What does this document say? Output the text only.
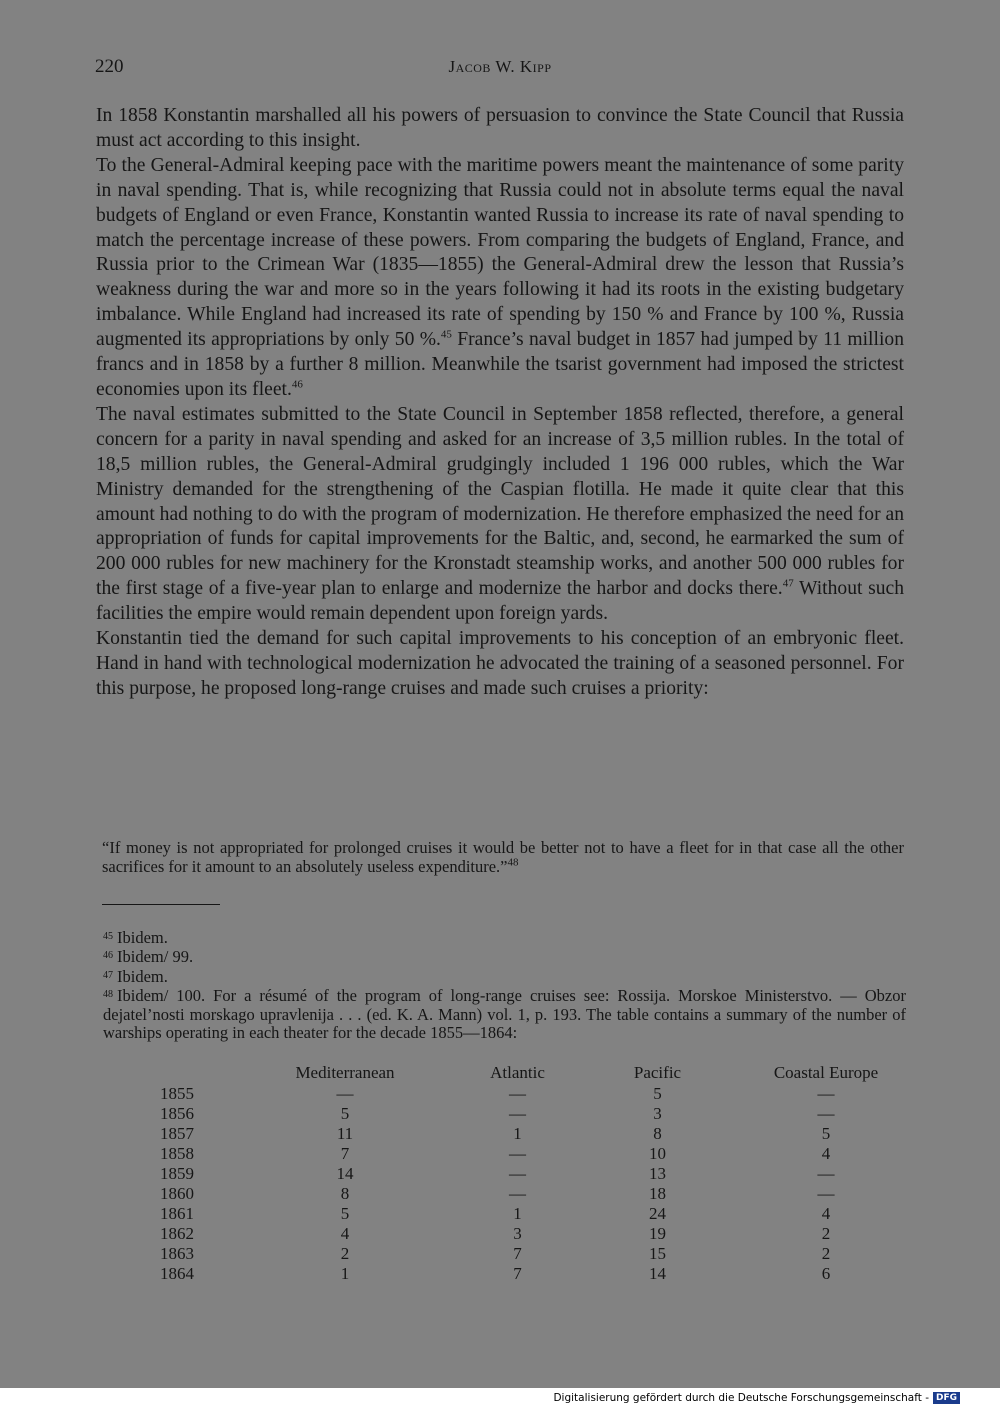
220	Jacob W. Kipp

In 1858 Konstantin marshalled all his powers of persuasion to convince the State Council that Russia must act according to this insight.

To the General-Admiral keeping pace with the maritime powers meant the maintenance of some parity in naval spending. That is, while recognizing that Russia could not in absolute terms equal the naval budgets of England or even France, Konstantin wanted Russia to increase its rate of naval spending to match the percentage increase of these powers. From comparing the budgets of England, France, and Russia prior to the Crimean War (1835—1855) the General-Admiral drew the lesson that Russia’s weakness during the war and more so in the years following it had its roots in the existing budgetary imbalance. While England had increased its rate of spending by 150 % and France by 100 %, Russia augmented its appropriations by only 50 %.$^{45}$ France’s naval budget in 1857 had jumped by 11 million francs and in 1858 by a further 8 million. Meanwhile the tsarist government had imposed the strictest economies upon its fleet.$^{46}$

The naval estimates submitted to the State Council in September 1858 reflected, therefore, a general concern for a parity in naval spending and asked for an increase of 3,5 million rubles. In the total of 18,5 million rubles, the General-Admiral grudgingly included 1 196 000 rubles, which the War Ministry demanded for the strengthening of the Caspian flotilla. He made it quite clear that this amount had nothing to do with the program of modernization. He therefore emphasized the need for an appropriation of funds for capital improvements for the Baltic, and, second, he earmarked the sum of 200 000 rubles for new machinery for the Kronstadt steamship works, and another 500 000 rubles for the first stage of a five-year plan to enlarge and modernize the harbor and docks there.$^{47}$ Without such facilities the empire would remain dependent upon foreign yards.

Konstantin tied the demand for such capital improvements to his conception of an embryonic fleet. Hand in hand with technological modernization he advocated the training of a seasoned personnel. For this purpose, he proposed long-range cruises and made such cruises a priority:

“If money is not appropriated for prolonged cruises it would be better not to have a fleet for in that case all the other sacrifices for it amount to an absolutely useless expenditure.”$^{48}$

$^{45}$ Ibidem.

$^{46}$ Ibidem/ 99.

$^{47}$ Ibidem.

$^{48}$ Ibidem/ 100. For a résumé of the program of long-range cruises see: Rossija. Morskoe Ministerstvo. — Obzor dejatel’nosti morskago upravlenija . . . (ed. K. A. Mann) vol. 1, p. 193. The table contains a summary of the number of warships operating in each theater for the decade 1855—1864:

	Mediterranean	Atlantic	Pacific	Coastal Europe
1855	—	—	5	—
1856	5	—	3	—
1857	11	1	8	5
1858	7	—	10	4
1859	14	—	13	—
1860	8	—	18	—
1861	5	1	24	4
1862	4	3	19	2
1863	2	7	15	2
1864	1	7	14	6
Digitalisierung gefördert durch die Deutsche Forschungsgemeinschaft - DFG
